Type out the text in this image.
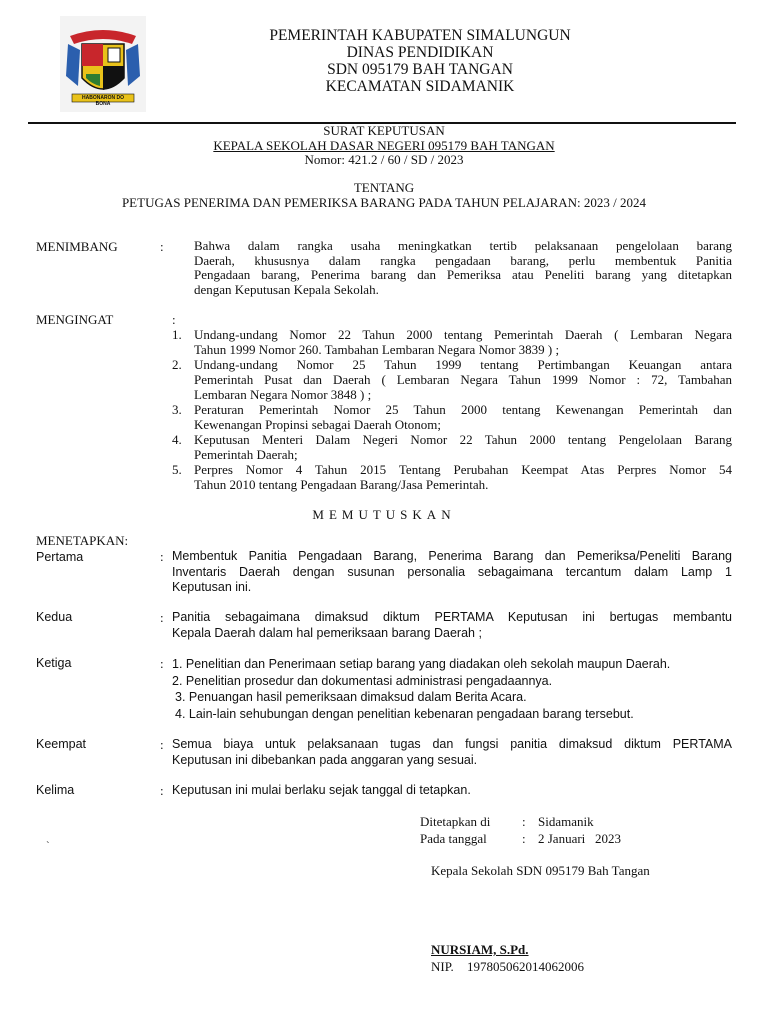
HABONARON DO BONA
PEMERINTAH KABUPATEN SIMALUNGUN
DINAS PENDIDIKAN
SDN 095179 BAH TANGAN
KECAMATAN SIDAMANIK
SURAT KEPUTUSAN
KEPALA SEKOLAH DASAR NEGERI 095179 BAH TANGAN
Nomor: 421.2 / 60 / SD / 2023
TENTANG
PETUGAS PENERIMA DAN PEMERIKSA BARANG PADA TAHUN PELAJARAN: 2023 / 2024
MENIMBANG	: Bahwa dalam rangka usaha meningkatkan tertib pelaksanaan pengelolaan barang
Daerah, khususnya dalam rangka pengadaan barang, perlu membentuk Panitia
Pengadaan barang, Penerima barang dan Pemeriksa atau Peneliti barang yang ditetapkan
dengan Keputusan Kepala Sekolah.
MENGINGAT	:
1. Undang-undang Nomor 22 Tahun 2000 tentang Pemerintah Daerah ( Lembaran Negara
Tahun 1999 Nomor 260. Tambahan Lembaran Negara Nomor 3839 ) ;
2. Undang-undang Nomor 25 Tahun 1999 tentang Pertimbangan Keuangan antara
Pemerintah Pusat dan Daerah ( Lembaran Negara Tahun 1999 Nomor : 72, Tambahan
Lembaran Negara Nomor 3848 ) ;
3. Peraturan Pemerintah Nomor 25 Tahun 2000 tentang Kewenangan Pemerintah dan
Kewenangan Propinsi sebagai Daerah Otonom;
4. Keputusan Menteri Dalam Negeri Nomor 22 Tahun 2000 tentang Pengelolaan Barang
Pemerintah Daerah;
5. Perpres Nomor 4 Tahun 2015 Tentang Perubahan Keempat Atas Perpres Nomor 54
Tahun 2010 tentang Pengadaan Barang/Jasa Pemerintah.
MEMUTUSKAN
MENETAPKAN:
Pertama	: Membentuk Panitia Pengadaan Barang, Penerima Barang dan Pemeriksa/Peneliti Barang
Inventaris Daerah dengan susunan personalia sebagaimana tercantum dalam Lamp 1
Keputusan ini.
Kedua	: Panitia sebagaimana dimaksud diktum PERTAMA Keputusan ini bertugas membantu
Kepala Daerah dalam hal pemeriksaan barang Daerah ;
Ketiga	: 1. Penelitian dan Penerimaan setiap barang yang diadakan oleh sekolah maupun Daerah.
2. Penelitian prosedur dan dokumentasi administrasi pengadaannya.
3. Penuangan hasil pemeriksaan dimaksud dalam Berita Acara.
4. Lain-lain sehubungan dengan penelitian kebenaran pengadaan barang tersebut.
Keempat	: Semua biaya untuk pelaksanaan tugas dan fungsi panitia dimaksud diktum PERTAMA
Keputusan ini dibebankan pada anggaran yang sesuai.
Kelima	: Keputusan ini mulai berlaku sejak tanggal di tetapkan.
Ditetapkan di : Sidamanik
Pada tanggal	: 2 Januari   2023
`
Kepala Sekolah SDN 095179 Bah Tangan
NURSIAM, S.Pd.
NIP. 197805062014062006
